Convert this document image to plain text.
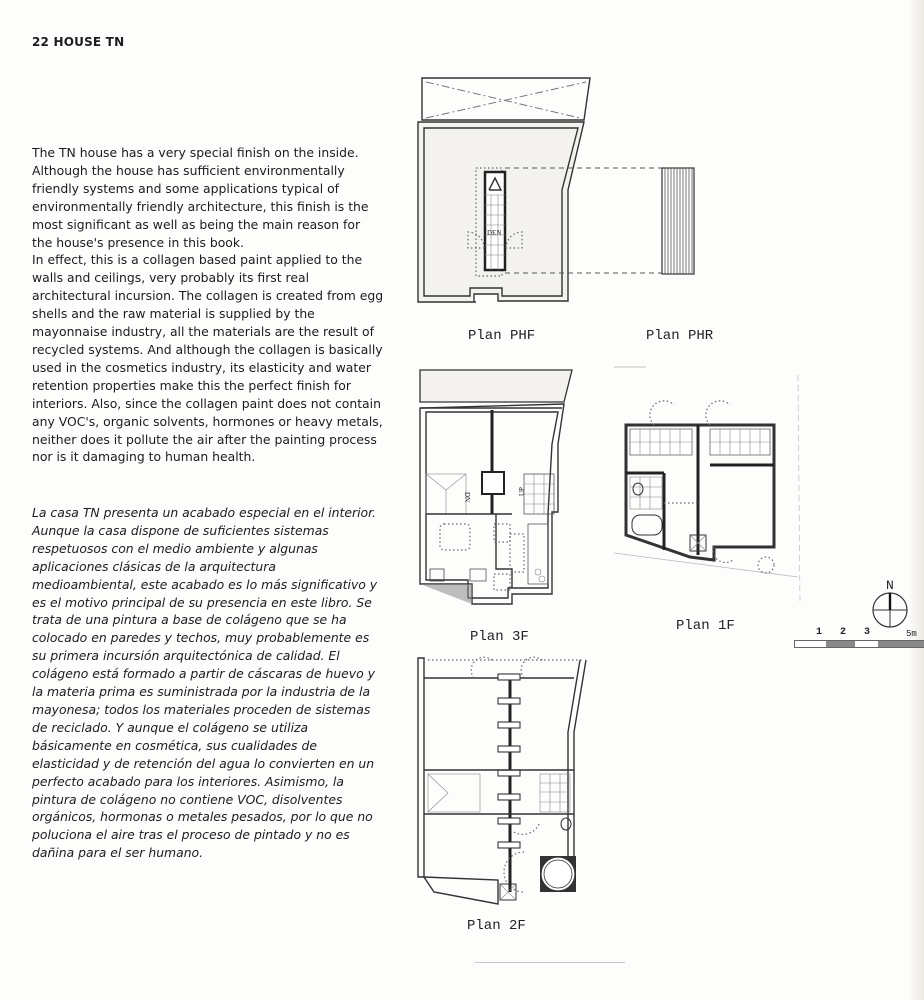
22 HOUSE TN

The TN house has a very special finish on the inside. Although the house has sufficient environmentally friendly systems and some applications typical of environmentally friendly architecture, this finish is the most significant as well as being the main reason for the house's presence in this book.

In effect, this is a collagen based paint applied to the walls and ceilings, very probably its first real architectural incursion. The collagen is created from egg shells and the raw material is supplied by the mayonnaise industry, all the materials are the result of recycled systems. And although the collagen is basically used in the cosmetics industry, its elasticity and water retention properties make this the perfect finish for interiors. Also, since the collagen paint does not contain any VOC's, organic solvents, hormones or heavy metals, neither does it pollute the air after the painting process nor is it damaging to human health.

La casa TN presenta un acabado especial en el interior. Aunque la casa dispone de suficientes sistemas respetuosos con el medio ambiente y algunas aplicaciones clásicas de la arquitectura medioambiental, este acabado es lo más significativo y es el motivo principal de su presencia en este libro. Se trata de una pintura a base de colágeno que se ha colocado en paredes y techos, muy probablemente es su primera incursión arquitectónica de calidad. El colágeno está formado a partir de cáscaras de huevo y la materia prima es suministrada por la industria de la mayonesa; todos los materiales proceden de sistemas de reciclado. Y aunque el colágeno se utiliza básicamente en cosmética, sus cualidades de elasticidad y de retención del agua lo convierten en un perfecto acabado para los interiores. Asimismo, la pintura de colágeno no contiene VOC, disolventes orgánicos, hormonas o metales pesados, por lo que no poluciona el aire tras el proceso de pintado y no es dañina para el ser humano.
DEN
Plan PHF	Plan PHR
DN
UP
Plan 3F
Plan 1F
N
1 2 3	5m
Plan 2F
